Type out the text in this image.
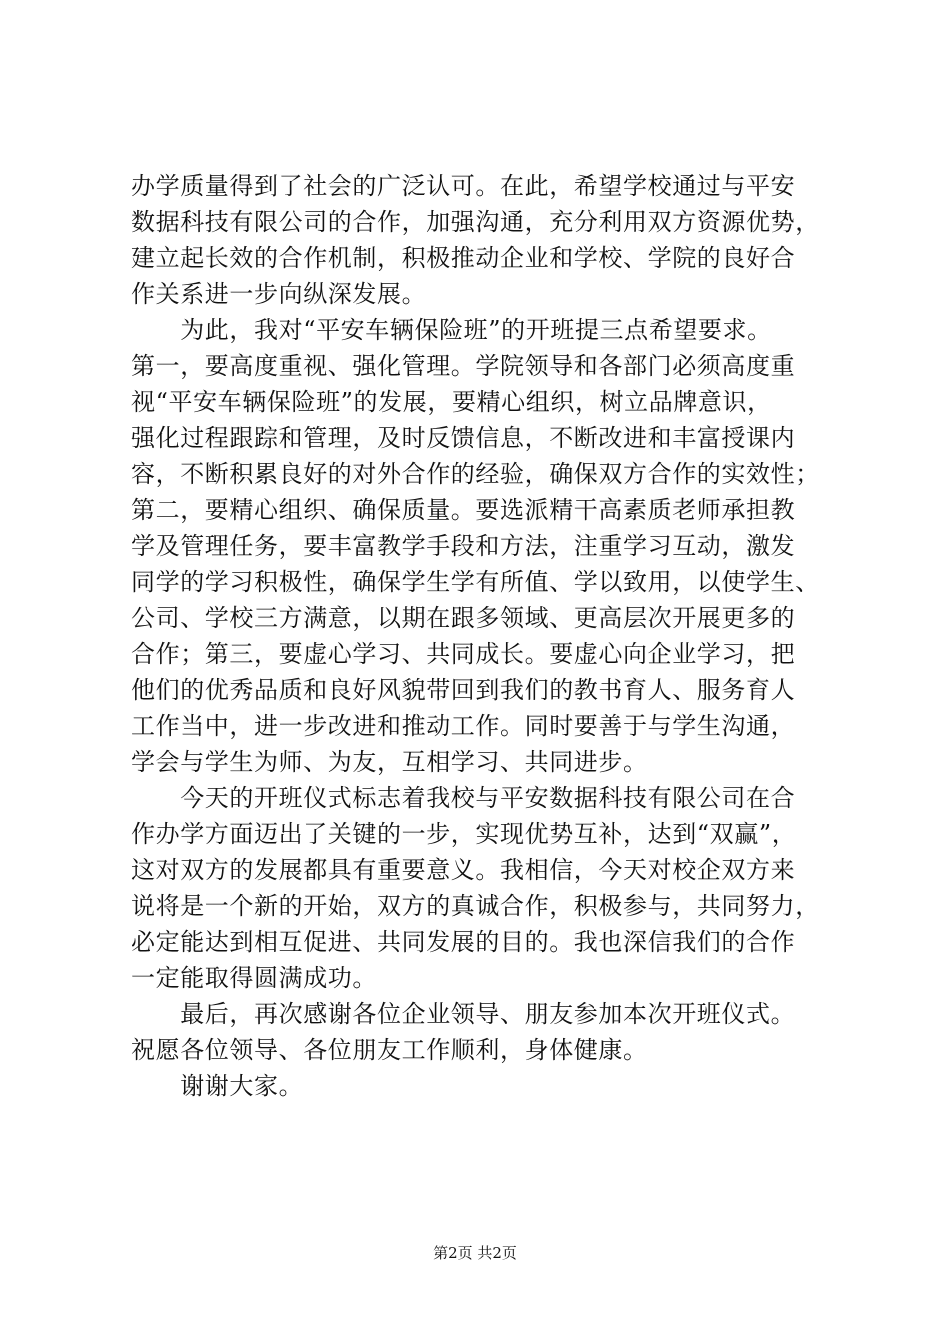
办学质量得到了社会的广泛认可。在此，希望学校通过与平安
数据科技有限公司的合作，加强沟通，充分利用双方资源优势，
建立起长效的合作机制，积极推动企业和学校、学院的良好合
作关系进一步向纵深发展。
　　为此，我对“平安车辆保险班”的开班提三点希望要求。
第一，要高度重视、强化管理。学院领导和各部门必须高度重
视“平安车辆保险班”的发展，要精心组织，树立品牌意识，
强化过程跟踪和管理，及时反馈信息，不断改进和丰富授课内
容，不断积累良好的对外合作的经验，确保双方合作的实效性；
第二，要精心组织、确保质量。要选派精干高素质老师承担教
学及管理任务，要丰富教学手段和方法，注重学习互动，激发
同学的学习积极性，确保学生学有所值、学以致用，以使学生、
公司、学校三方满意，以期在跟多领域、更高层次开展更多的
合作；第三，要虚心学习、共同成长。要虚心向企业学习，把
他们的优秀品质和良好风貌带回到我们的教书育人、服务育人
工作当中，进一步改进和推动工作。同时要善于与学生沟通，
学会与学生为师、为友，互相学习、共同进步。
　　今天的开班仪式标志着我校与平安数据科技有限公司在合
作办学方面迈出了关键的一步，实现优势互补，达到“双赢”，
这对双方的发展都具有重要意义。我相信，今天对校企双方来
说将是一个新的开始，双方的真诚合作，积极参与，共同努力，
必定能达到相互促进、共同发展的目的。我也深信我们的合作
一定能取得圆满成功。
　　最后，再次感谢各位企业领导、朋友参加本次开班仪式。
祝愿各位领导、各位朋友工作顺利，身体健康。
　　谢谢大家。
第2页 共2页
